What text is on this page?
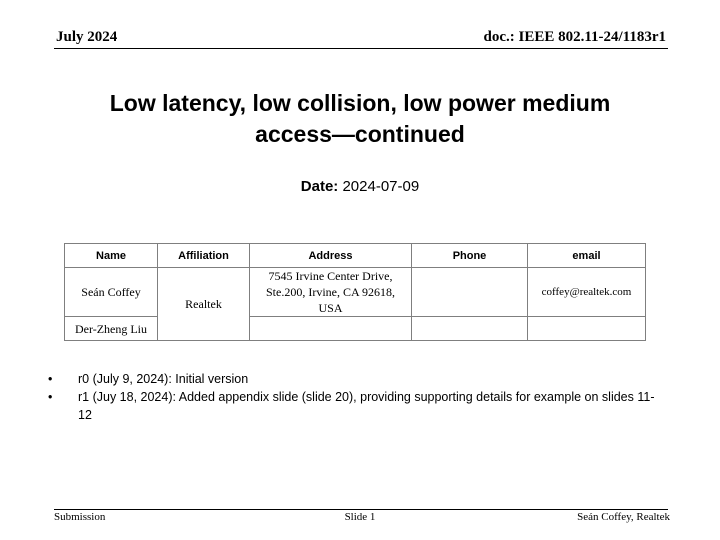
July 2024	doc.: IEEE 802.11-24/1183r1
Low latency, low collision, low power medium
access—continued
Date: 2024-07-09
Name	Affiliation	Address	Phone	email
Seán Coffey	Realtek	7545 Irvine Center Drive,
Ste.200, Irvine, CA 92618,
USA		coffey@realtek.com
Der-Zheng Liu				
• r0 (July 9, 2024): Initial version
• r1 (Juy 18, 2024): Added appendix slide (slide 20), providing supporting details for example on slides 11-12
Submission	Slide 1	Seán Coffey, Realtek
